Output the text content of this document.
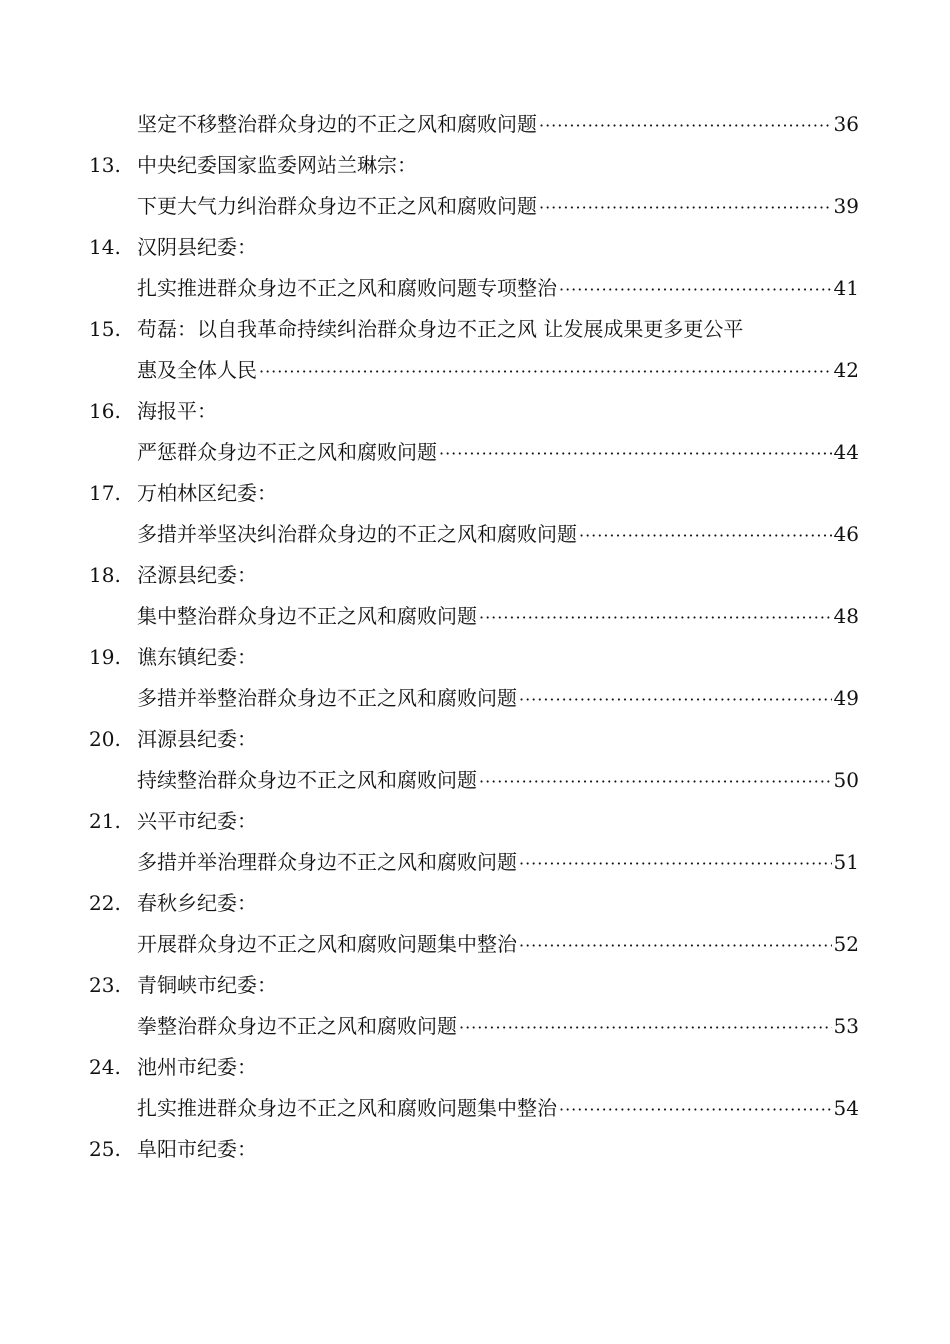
坚定不移整治群众身边的不正之风和腐败问题 ·····	36
13. 中央纪委国家监委网站兰琳宗：
下更大气力纠治群众身边不正之风和腐败问题 ·····	39
14. 汉阴县纪委：
扎实推进群众身边不正之风和腐败问题专项整治 ·····	41
15. 苟磊：以自我革命持续纠治群众身边不正之风 让发展成果更多更公平
惠及全体人民 ·····	42
16. 海报平：
严惩群众身边不正之风和腐败问题 ·····	44
17. 万柏林区纪委：
多措并举坚决纠治群众身边的不正之风和腐败问题 ·····	46
18. 泾源县纪委：
集中整治群众身边不正之风和腐败问题 ·····	48
19. 谯东镇纪委：
多措并举整治群众身边不正之风和腐败问题 ·····	49
20. 洱源县纪委：
持续整治群众身边不正之风和腐败问题 ·····	50
21. 兴平市纪委：
多措并举治理群众身边不正之风和腐败问题 ·····	51
22. 春秋乡纪委：
开展群众身边不正之风和腐败问题集中整治 ·····	52
23. 青铜峡市纪委：
拳整治群众身边不正之风和腐败问题 ·····	53
24. 池州市纪委：
扎实推进群众身边不正之风和腐败问题集中整治 ·····	54
25. 阜阳市纪委：
